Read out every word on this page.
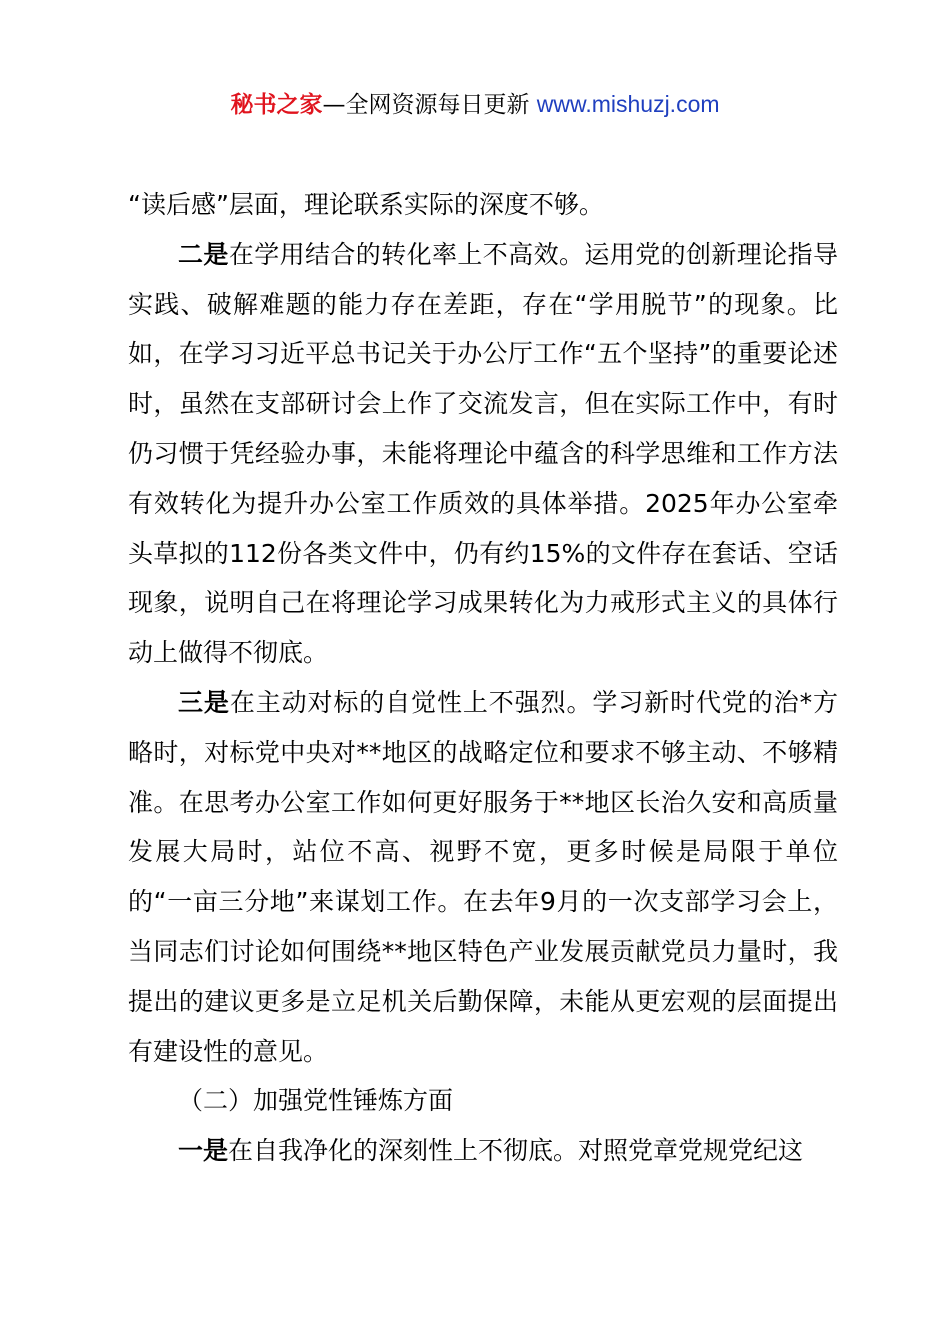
秘书之家—全网资源每日更新 www.mishuzj.com

“读后感”层面，理论联系实际的深度不够。

二是在学用结合的转化率上不高效。运用党的创新理论指导实践、破解难题的能力存在差距，存在“学用脱节”的现象。比如，在学习习近平总书记关于办公厅工作“五个坚持”的重要论述时，虽然在支部研讨会上作了交流发言，但在实际工作中，有时仍习惯于凭经验办事，未能将理论中蕴含的科学思维和工作方法有效转化为提升办公室工作质效的具体举措。2025年办公室牵头草拟的112份各类文件中，仍有约15%的文件存在套话、空话现象，说明自己在将理论学习成果转化为力戒形式主义的具体行动上做得不彻底。

三是在主动对标的自觉性上不强烈。学习新时代党的治*方略时，对标党中央对**地区的战略定位和要求不够主动、不够精准。在思考办公室工作如何更好服务于**地区长治久安和高质量发展大局时，站位不高、视野不宽，更多时候是局限于单位的“一亩三分地”来谋划工作。在去年9月的一次支部学习会上，当同志们讨论如何围绕**地区特色产业发展贡献党员力量时，我提出的建议更多是立足机关后勤保障，未能从更宏观的层面提出有建设性的意见。

（二）加强党性锤炼方面

一是在自我净化的深刻性上不彻底。对照党章党规党纪这
